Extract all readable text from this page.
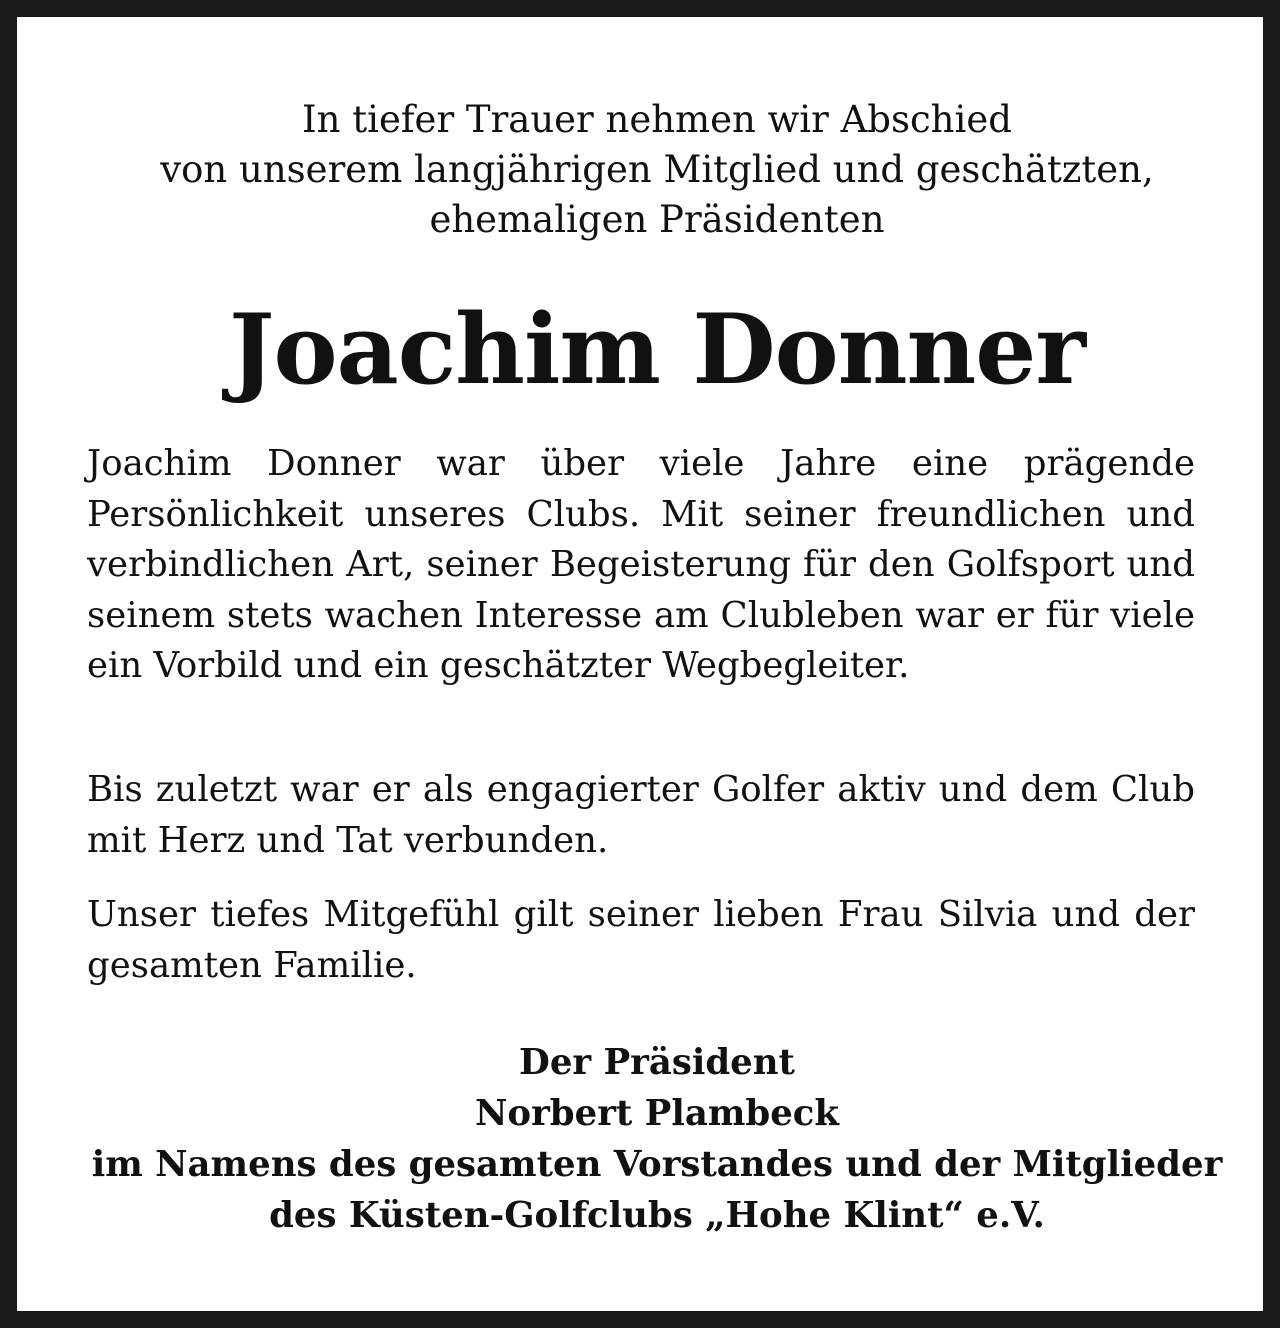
In tiefer Trauer nehmen wir Abschied
von unserem langjährigen Mitglied und geschätzten,
ehemaligen Präsidenten
Joachim Donner
Joachim Donner war über viele Jahre eine prägende Persönlichkeit unseres Clubs. Mit seiner freundlichen und verbindlichen Art, seiner Begeisterung für den Golfsport und seinem stets wachen Interesse am Clubleben war er für viele ein Vorbild und ein geschätzter Wegbegleiter.
Bis zuletzt war er als engagierter Golfer aktiv und dem Club mit Herz und Tat verbunden.
Unser tiefes Mitgefühl gilt seiner lieben Frau Silvia und der gesamten Familie.
Der Präsident
Norbert Plambeck
im Namens des gesamten Vorstandes und der Mitglieder
des Küsten-Golfclubs „Hohe Klint“ e.V.
